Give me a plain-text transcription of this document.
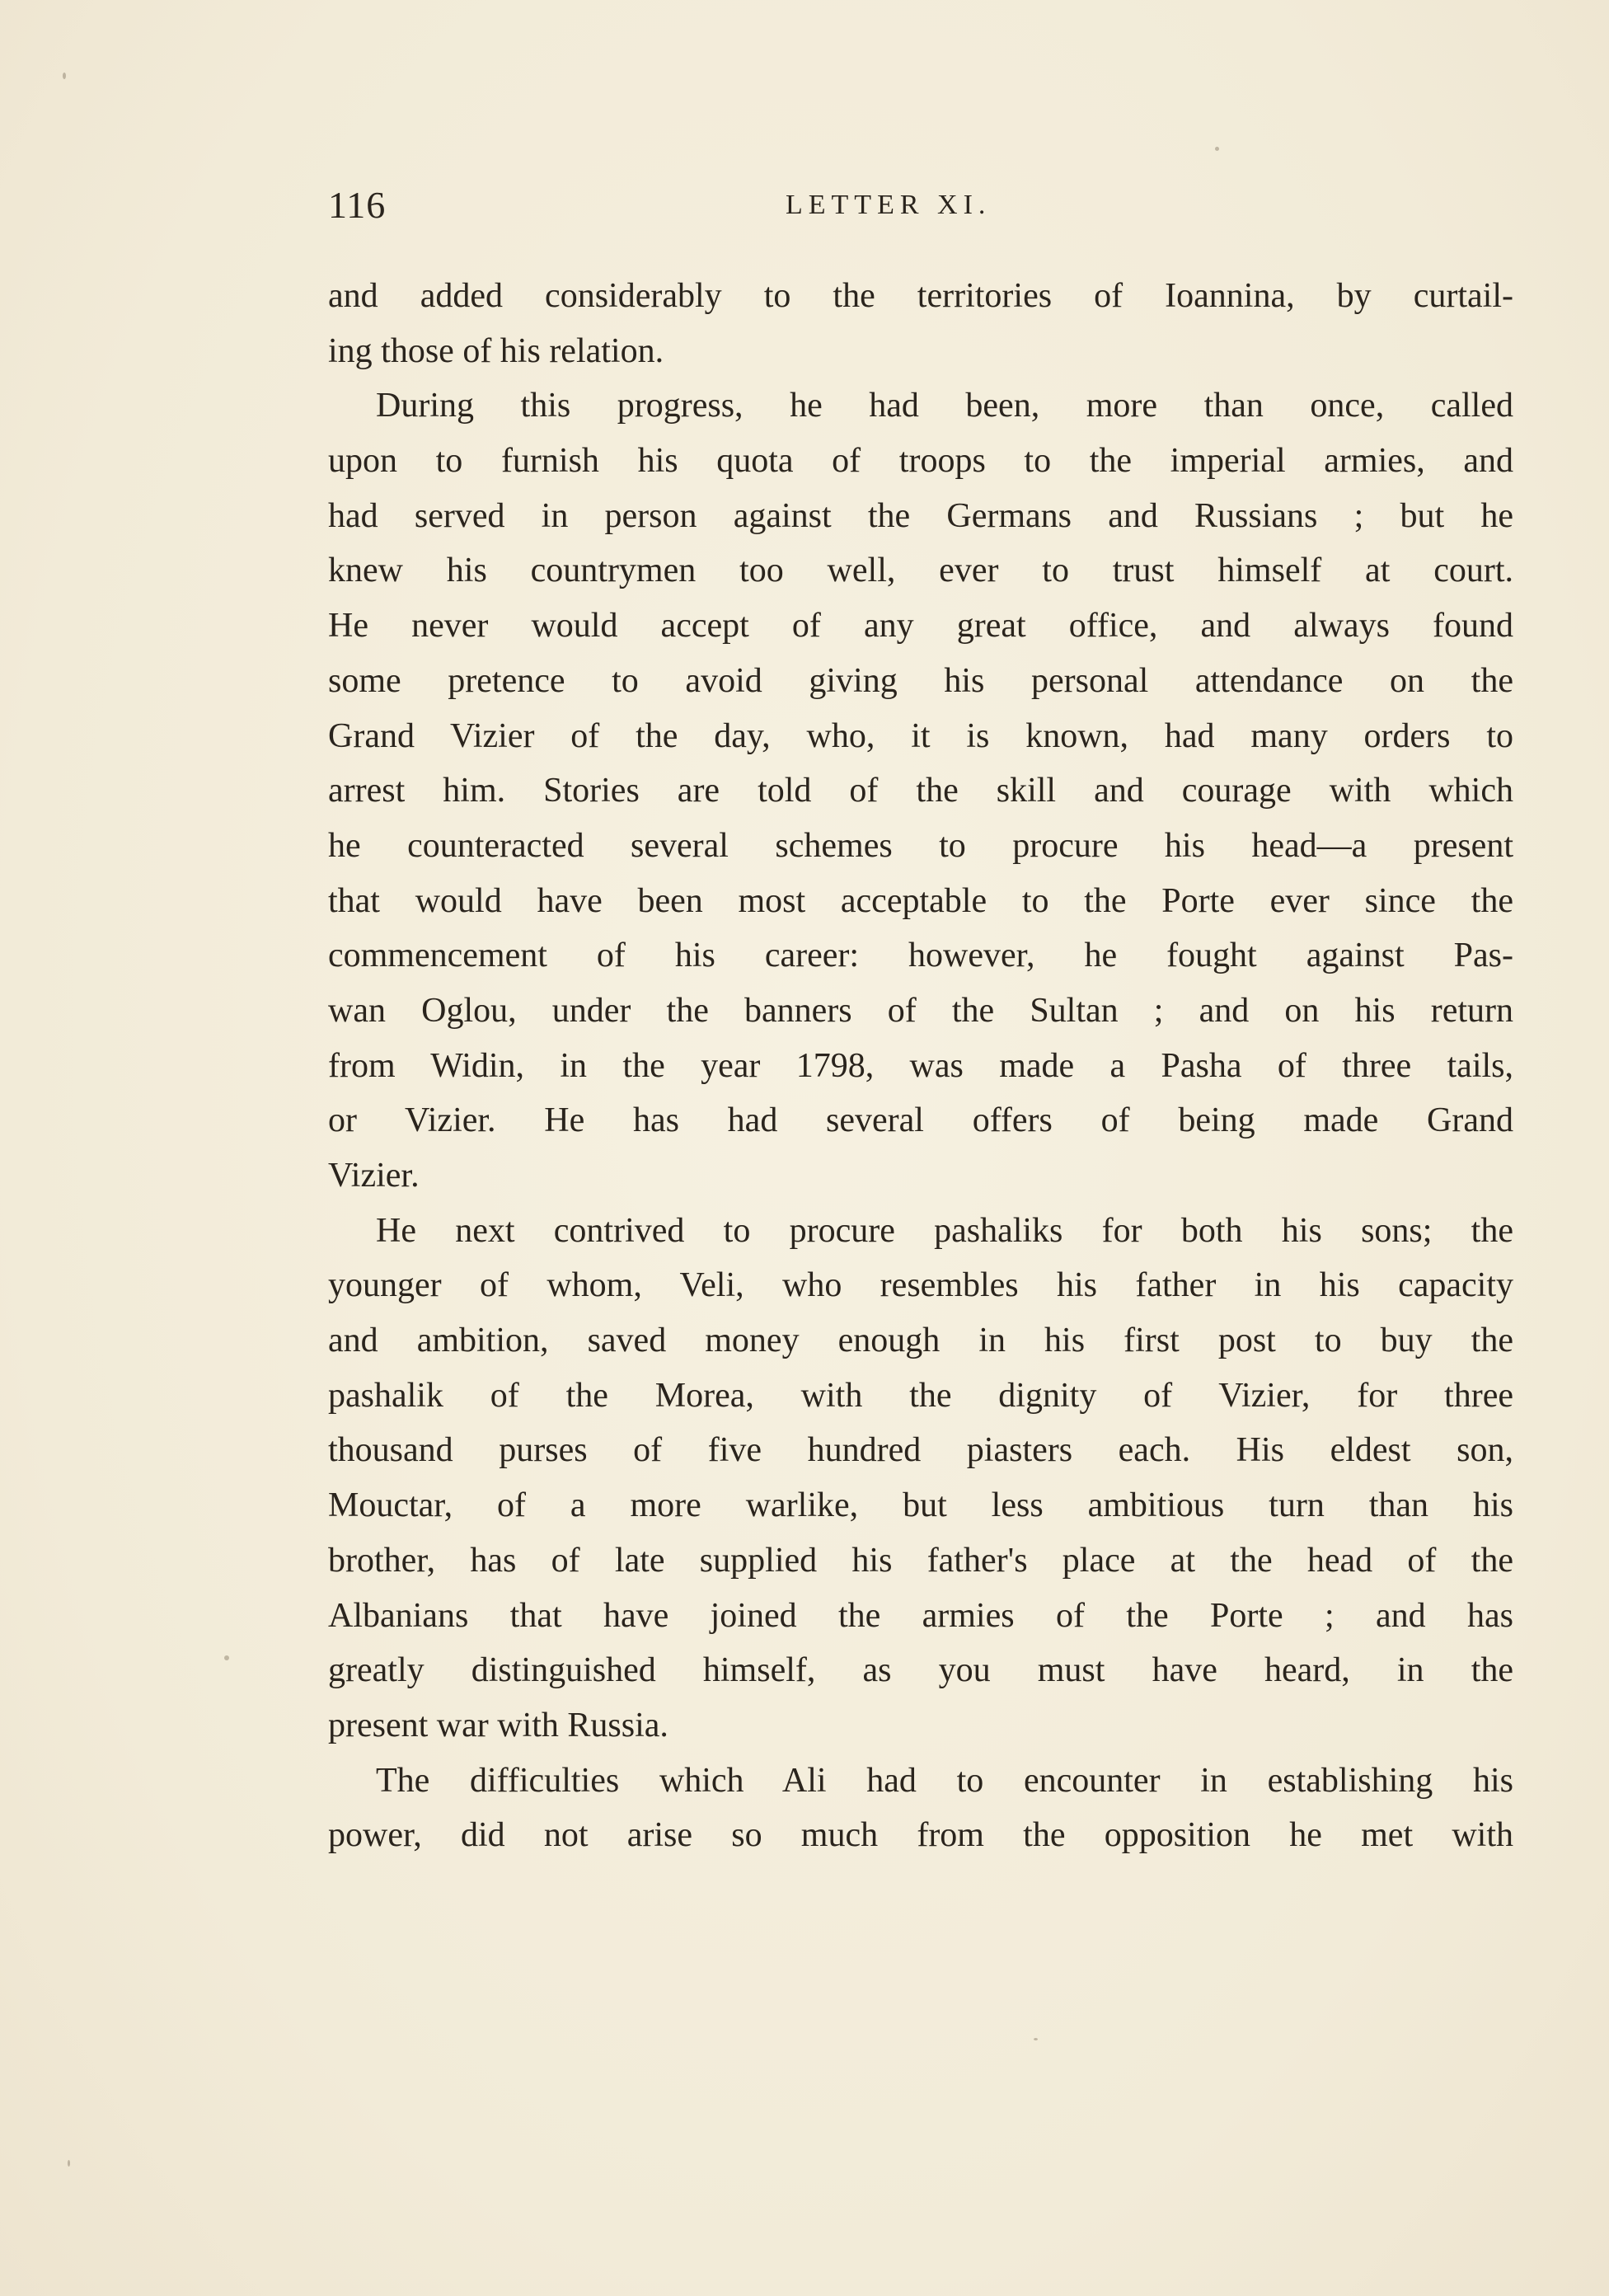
116	LETTER XI.
and added considerably to the territories of Ioannina, by curtail-
ing those of his relation.
During this progress, he had been, more than once, called
upon to furnish his quota of troops to the imperial armies, and
had served in person against the Germans and Russians ; but he
knew his countrymen too well, ever to trust himself at court.
He never would accept of any great office, and always found
some pretence to avoid giving his personal attendance on the
Grand Vizier of the day, who, it is known, had many orders to
arrest him. Stories are told of the skill and courage with which
he counteracted several schemes to procure his head—a present
that would have been most acceptable to the Porte ever since the
commencement of his career: however, he fought against Pas-
wan Oglou, under the banners of the Sultan ; and on his return
from Widin, in the year 1798, was made a Pasha of three tails,
or Vizier. He has had several offers of being made Grand
Vizier.
He next contrived to procure pashaliks for both his sons; the
younger of whom, Veli, who resembles his father in his capacity
and ambition, saved money enough in his first post to buy the
pashalik of the Morea, with the dignity of Vizier, for three
thousand purses of five hundred piasters each. His eldest son,
Mouctar, of a more warlike, but less ambitious turn than his
brother, has of late supplied his father's place at the head of the
Albanians that have joined the armies of the Porte ; and has
greatly distinguished himself, as you must have heard, in the
present war with Russia.
The difficulties which Ali had to encounter in establishing his
power, did not arise so much from the opposition he met with
